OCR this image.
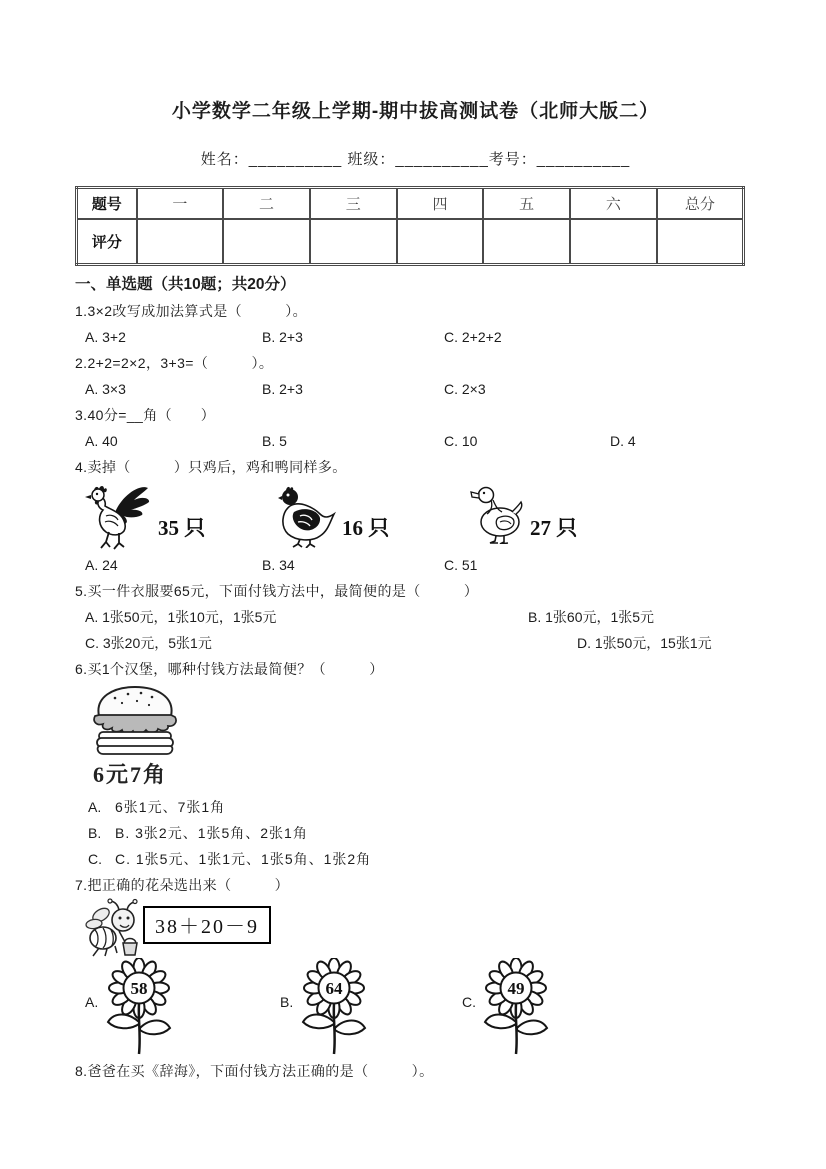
小学数学二年级上学期-期中拔高测试卷（北师大版二）
姓名：__________ 班级：__________考号：__________
题号	一	二	三	四	五	六	总分
评分							
一、单选题（共10题；共20分）
1.3×2改写成加法算式是（　　　）。
A. 3+2	B. 2+3	C. 2+2+2
2.2+2=2×2，3+3=（　　　）。
A. 3×3	B. 2+3	C. 2×3
3.40分=__角（　　）
A. 40	B. 5	C. 10	D. 4
4.卖掉（　　　）只鸡后，鸡和鸭同样多。
35 只	16 只	27 只
A. 24	B. 34	C. 51
5.买一件衣服要65元，下面付钱方法中，最简便的是（　　　）
A. 1张50元，1张10元，1张5元	B. 1张60元，1张5元
C. 3张20元，5张1元	D. 1张50元，15张1元
6.买1个汉堡，哪种付钱方法最简便？（　　　）
6元7角
A. 6张1元、7张1角
B. B. 3张2元、1张5角、2张1角
C. C. 1张5元、1张1元、1张5角、1张2角
7.把正确的花朵选出来（　　　）
38＋20－9
A.
58
B.
64
C.
49
8.爸爸在买《辞海》，下面付钱方法正确的是（　　　）。
